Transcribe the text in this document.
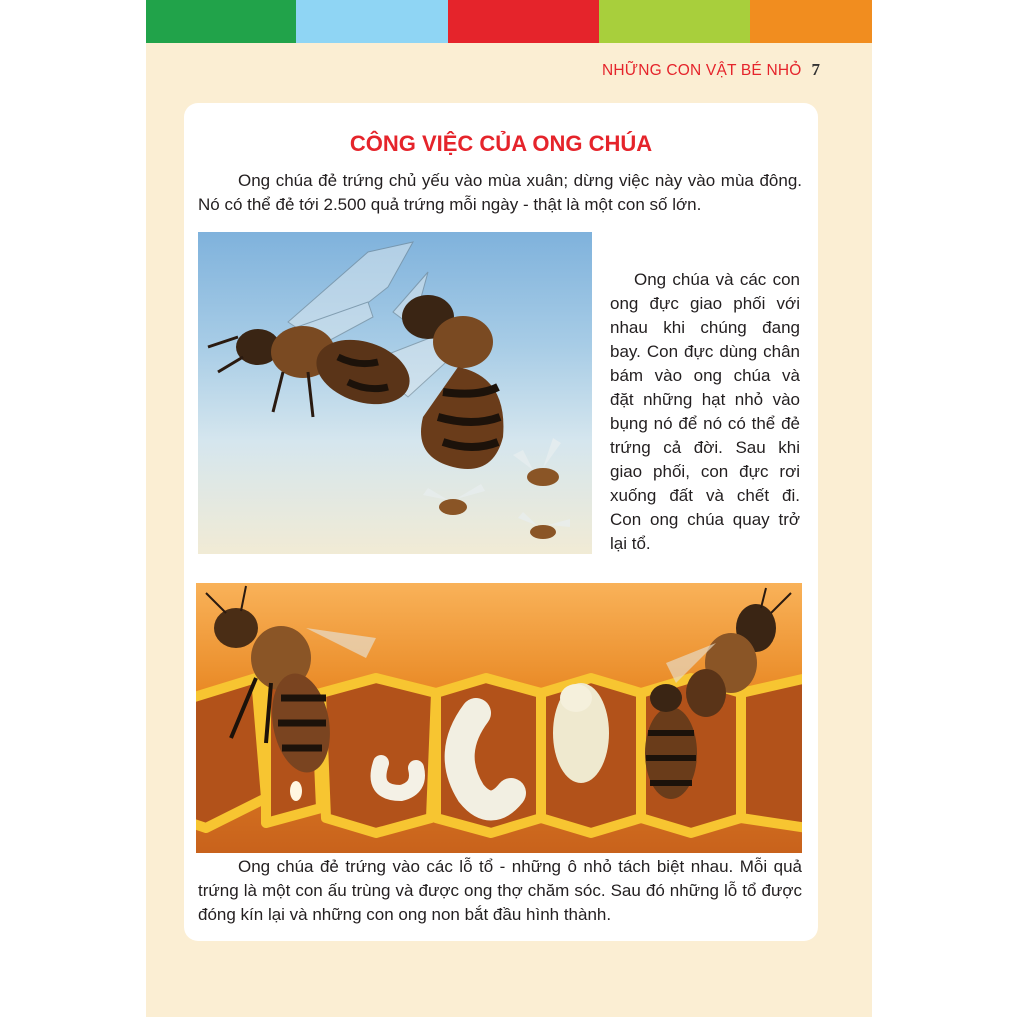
NHỮNG CON VẬT BÉ NHỎ 7
CÔNG VIỆC CỦA ONG CHÚA

Ong chúa đẻ trứng chủ yếu vào mùa xuân; dừng việc này vào mùa đông. Nó có thể đẻ tới 2.500 quả trứng mỗi ngày - thật là một con số lớn.

Ong chúa và các con ong đực giao phối với nhau khi chúng đang bay. Con đực dùng chân bám vào ong chúa và đặt những hạt nhỏ vào bụng nó để nó có thể đẻ trứng cả đời. Sau khi giao phối, con đực rơi xuống đất và chết đi. Con ong chúa quay trở lại tổ.

Ong chúa đẻ trứng vào các lỗ tổ - những ô nhỏ tách biệt nhau. Mỗi quả trứng là một con ấu trùng và được ong thợ chăm sóc. Sau đó những lỗ tổ được đóng kín lại và những con ong non bắt đầu hình thành.
